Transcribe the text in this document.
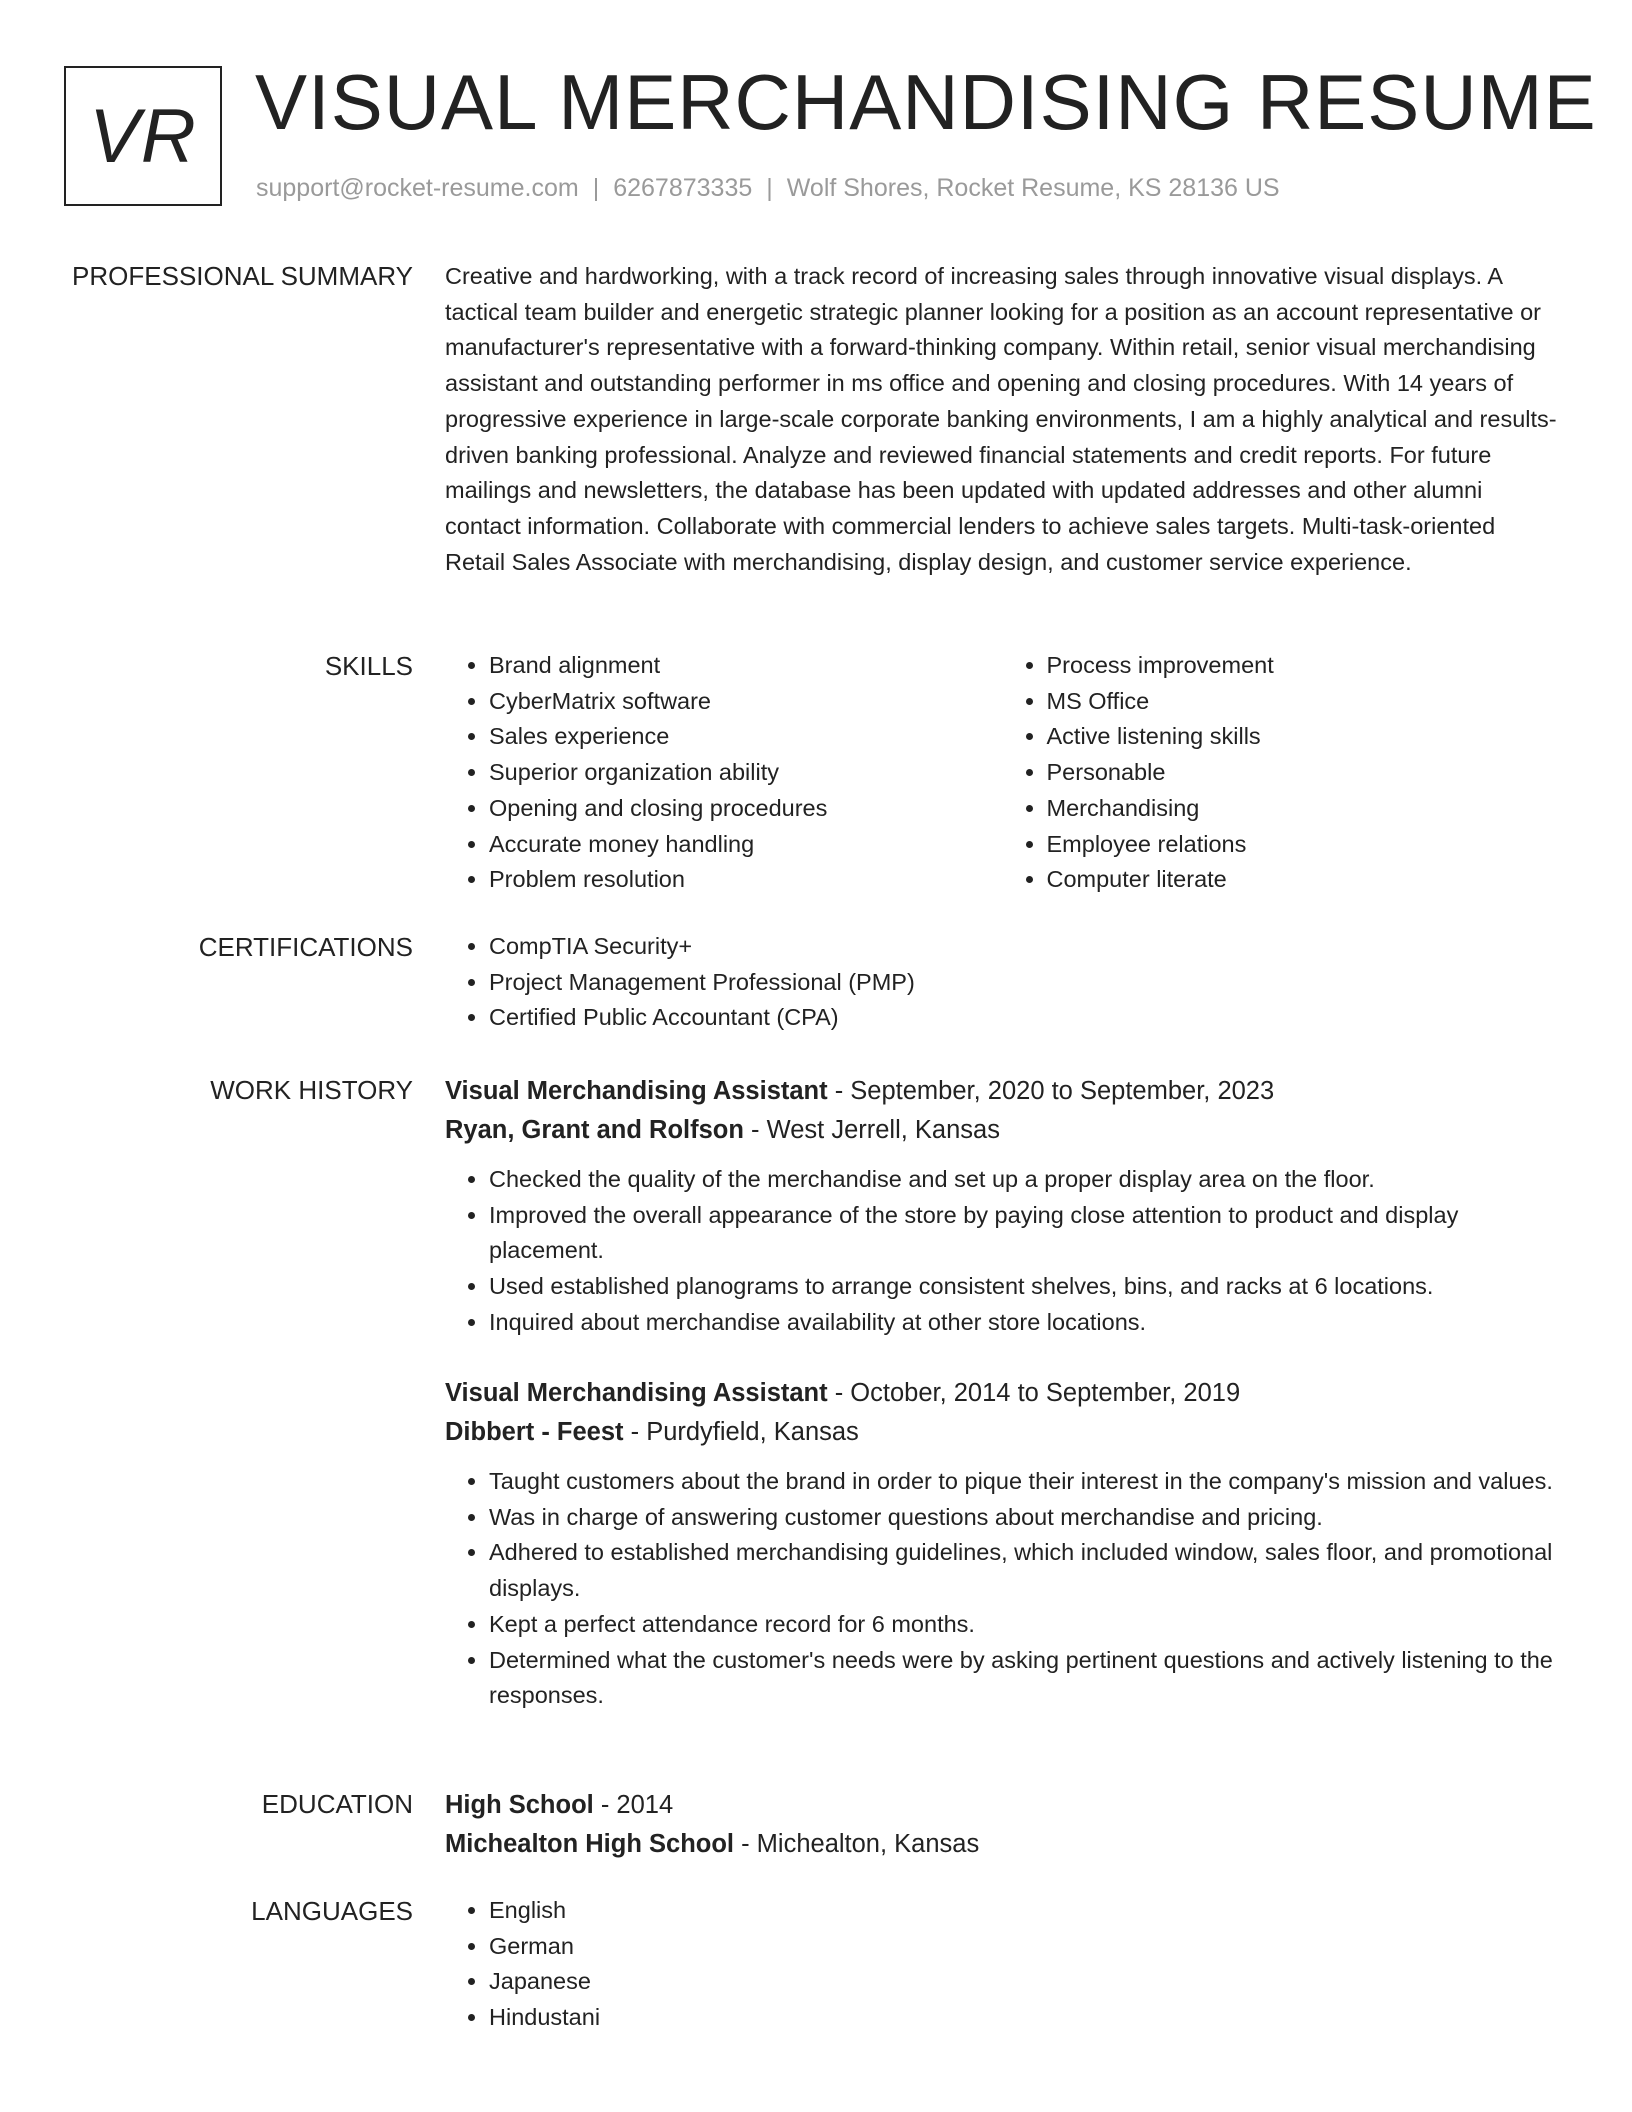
VR VISUAL MERCHANDISING RESUME
support@rocket-resume.com | 6267873335 | Wolf Shores, Rocket Resume, KS 28136 US
PROFESSIONAL SUMMARY Creative and hardworking, with a track record of increasing sales through innovative visual displays. A tactical team builder and energetic strategic planner looking for a position as an account representative or manufacturer's representative with a forward-thinking company. Within retail, senior visual merchandising assistant and outstanding performer in ms office and opening and closing procedures. With 14 years of progressive experience in large-scale corporate banking environments, I am a highly analytical and results-driven banking professional. Analyze and reviewed financial statements and credit reports. For future mailings and newsletters, the database has been updated with updated addresses and other alumni contact information. Collaborate with commercial lenders to achieve sales targets. Multi-task-oriented Retail Sales Associate with merchandising, display design, and customer service experience.

SKILLS	• Brand alignment
• CyberMatrix software
• Sales experience
• Superior organization ability
• Opening and closing procedures
• Accurate money handling
• Problem resolution
• Process improvement
• MS Office
• Active listening skills
• Personable
• Merchandising
• Employee relations
• Computer literate
CERTIFICATIONS	• CompTIA Security+
• Project Management Professional (PMP)
• Certified Public Accountant (CPA)
WORK HISTORY Visual Merchandising Assistant - September, 2020 to September, 2023
Ryan, Grant and Rolfson - West Jerrell, Kansas
• Checked the quality of the merchandise and set up a proper display area on the floor.
• Improved the overall appearance of the store by paying close attention to product and display placement.
• Used established planograms to arrange consistent shelves, bins, and racks at 6 locations.
• Inquired about merchandise availability at other store locations.
Visual Merchandising Assistant - October, 2014 to September, 2019
Dibbert - Feest - Purdyfield, Kansas
• Taught customers about the brand in order to pique their interest in the company's mission and values.
• Was in charge of answering customer questions about merchandise and pricing.
• Adhered to established merchandising guidelines, which included window, sales floor, and promotional displays.
• Kept a perfect attendance record for 6 months.
• Determined what the customer's needs were by asking pertinent questions and actively listening to the responses.
EDUCATION High School - 2014
Michealton High School - Michealton, Kansas
LANGUAGES	• English
• German
• Japanese
• Hindustani
